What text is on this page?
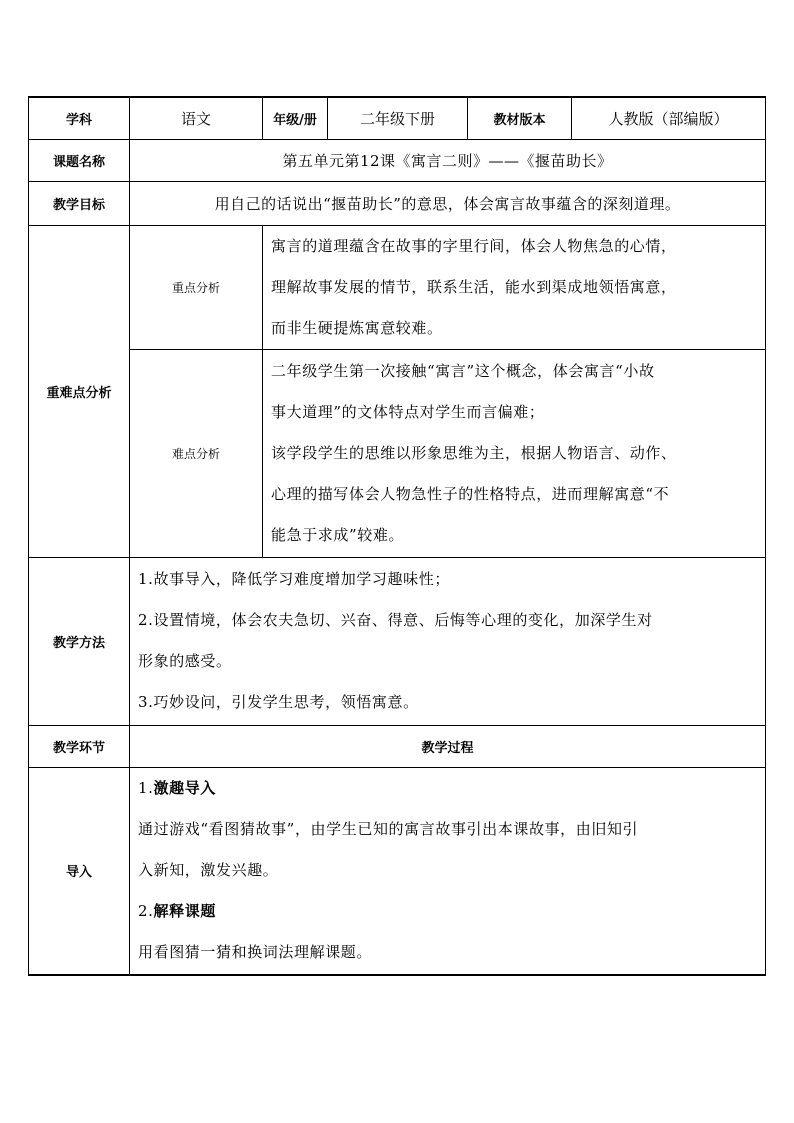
学科	语文	年级/册	二年级下册	教材版本	人教版（部编版）
课题名称	第五单元第12课《寓言二则》——《揠苗助长》				
教学目标	用自己的话说出“揠苗助长”的意思，体会寓言故事蕴含的深刻道理。				
重难点分析	重点分析	寓言的道理蕴含在故事的字里行间，体会人物焦急的心情，

理解故事发展的情节，联系生活，能水到渠成地领悟寓意，

而非生硬提炼寓意较难。			

	难点分析	二年级学生第一次接触“寓言”这个概念，体会寓言“小故

事大道理”的文体特点对学生而言偏难；

该学段学生的思维以形象思维为主，根据人物语言、动作、

心理的描写体会人物急性子的性格特点，进而理解寓意“不

能急于求成”较难。			

教学方法	1.故事导入，降低学习难度增加学习趣味性；

2.设置情境，体会农夫急切、兴奋、得意、后悔等心理的变化，加深学生对

形象的感受。

3.巧妙设问，引发学生思考，领悟寓意。				

教学环节	教学过程				
导入	1.激趣导入

通过游戏“看图猜故事”，由学生已知的寓言故事引出本课故事，由旧知引

入新知，激发兴趣。

2.解释课题

用看图猜一猜和换词法理解课题。				
